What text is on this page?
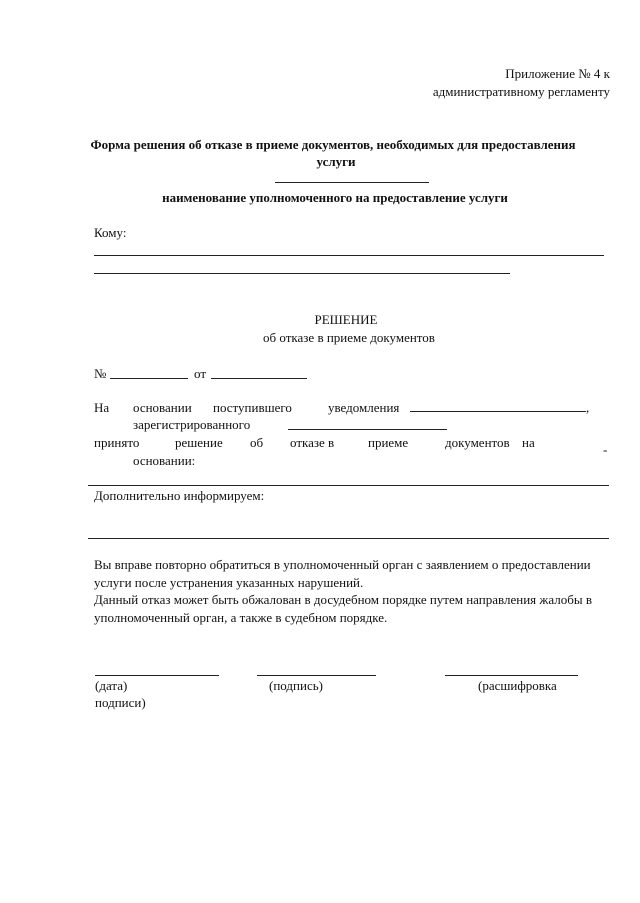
Приложение № 4 к
административному регламенту
Форма решения об отказе в приеме документов, необходимых для предоставления
услуги
наименование уполномоченного на предоставление услуги
Кому:
РЕШЕНИЕ
об отказе в приеме документов
№	от
На основании поступившего	уведомления	,
зарегистрированного
принято	решение об отказе в	приеме	документов на	-
основании:
Дополнительно информируем:
Вы вправе повторно обратиться в уполномоченный орган с заявлением о предоставлении
услуги после устранения указанных нарушений.
Данный отказ может быть обжалован в досудебном порядке путем направления жалобы в
уполномоченный орган, а также в судебном порядке.
(дата)	(подпись)	(расшифровка
подписи)
